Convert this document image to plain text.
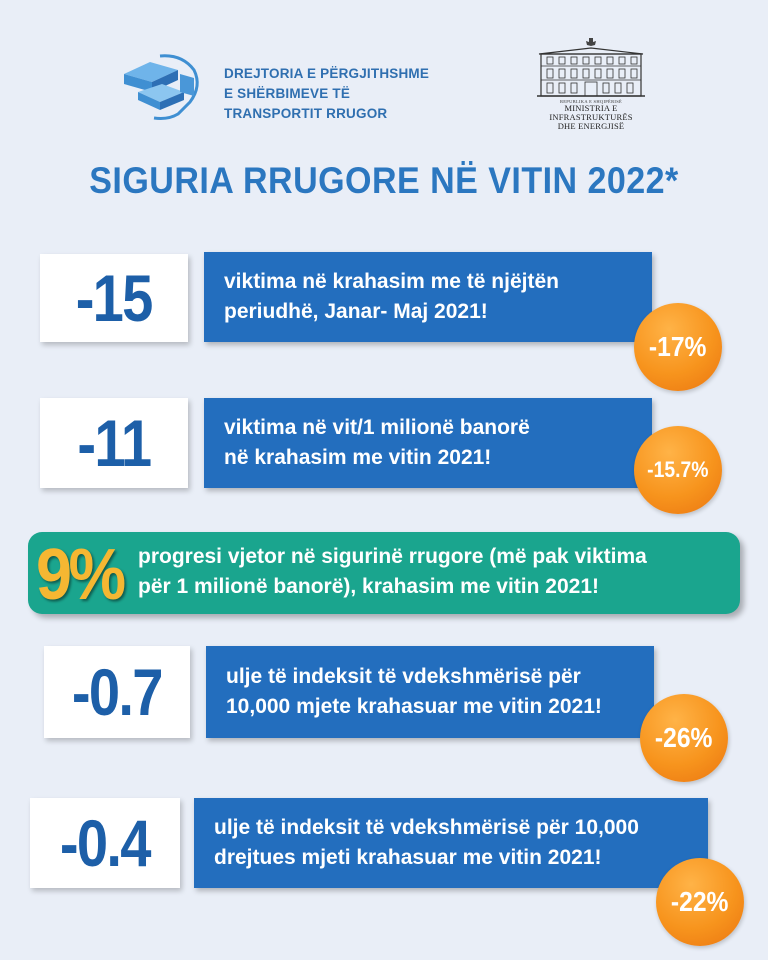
DREJTORIA E PËRGJITHSHME
E SHËRBIMEVE TË
TRANSPORTIT RRUGOR
REPUBLIKA E SHQIPËRISË
MINISTRIA E INFRASTRUKTURËS
DHE ENERGJISË
SIGURIA RRUGORE NË VITIN 2022*
-15	viktima në krahasim me të njëjtën
periudhë, Janar- Maj 2021!
-17%
-11	viktima në vit/1 milionë banorë
në krahasim me vitin 2021!	-15.7%
9% progresi vjetor në sigurinë rrugore (më pak viktima
për 1 milionë banorë), krahasim me vitin 2021!
-0.7	ulje të indeksit të vdekshmërisë për
10,000 mjete krahasuar me vitin 2021!
-26%
-0.4	ulje të indeksit të vdekshmërisë për 10,000
drejtues mjeti krahasuar me vitin 2021!
-22%
